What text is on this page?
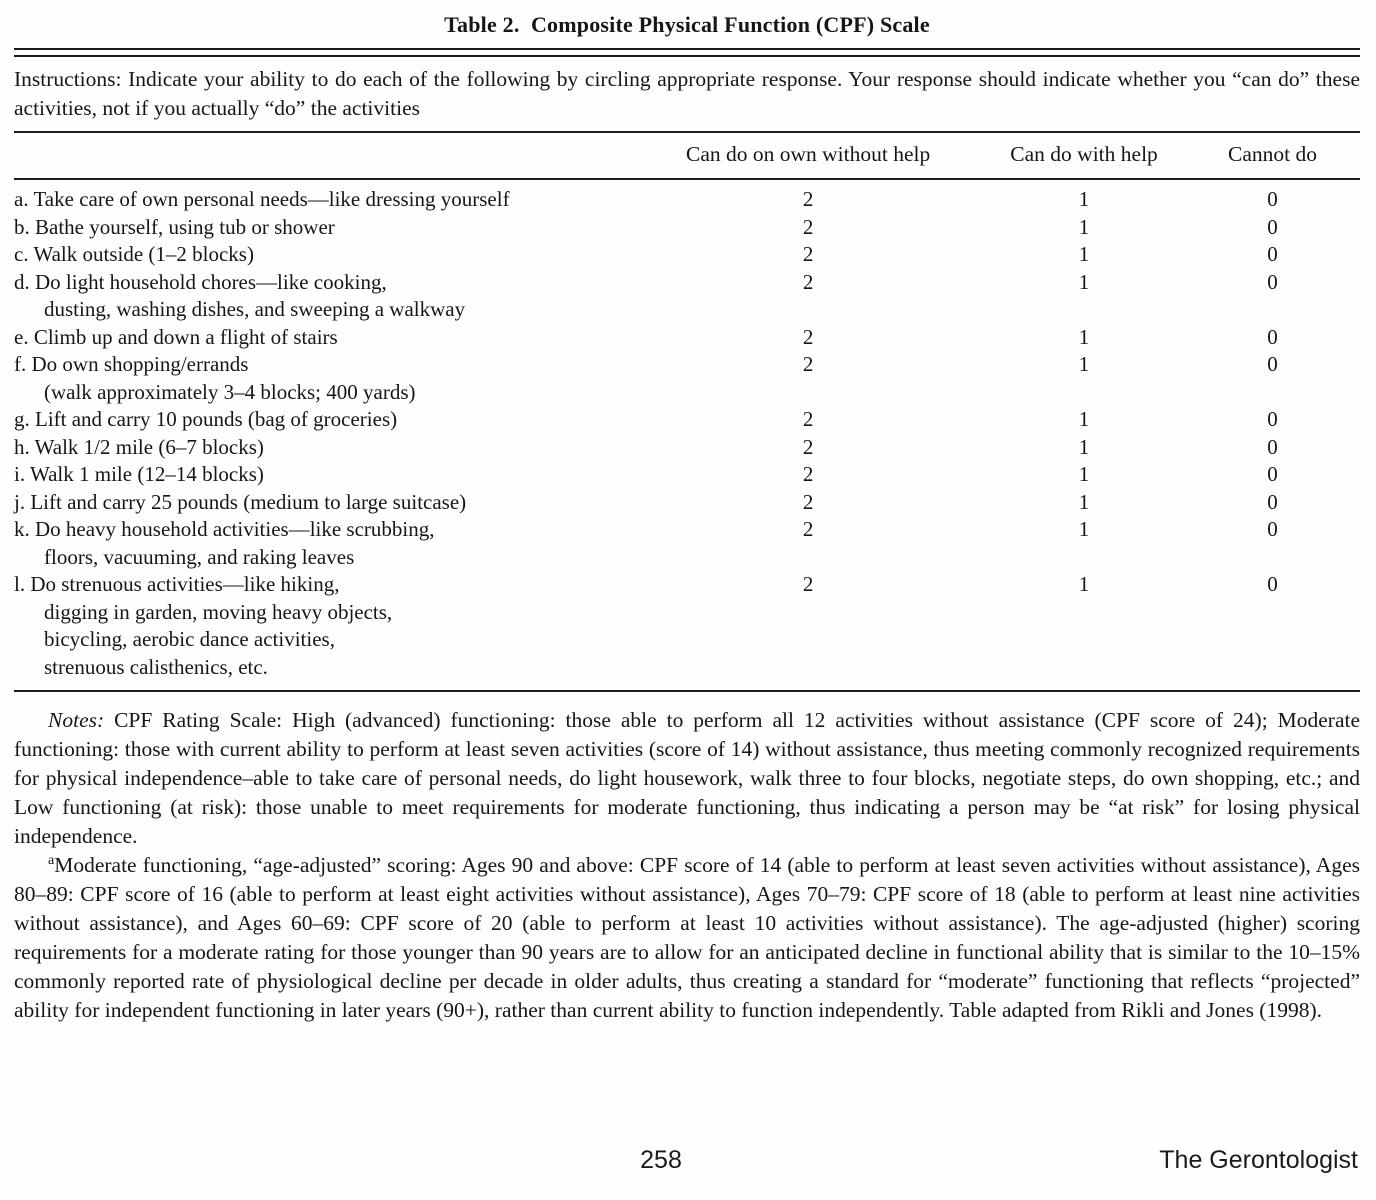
Table 2.  Composite Physical Function (CPF) Scale

Instructions: Indicate your ability to do each of the following by circling appropriate response. Your response should indicate whether you “can do” these activities, not if you actually “do” the activities

	Can do on own without help	Can do with help	Cannot do
a. Take care of own personal needs—like dressing yourself	2	1	0
b. Bathe yourself, using tub or shower	2	1	0
c. Walk outside (1–2 blocks)	2	1	0
d. Do light household chores—like cooking,	2	1	0
dusting, washing dishes, and sweeping a walkway			
e. Climb up and down a flight of stairs	2	1	0
f. Do own shopping/errands	2	1	0
(walk approximately 3–4 blocks; 400 yards)			
g. Lift and carry 10 pounds (bag of groceries)	2	1	0
h. Walk 1/2 mile (6–7 blocks)	2	1	0
i. Walk 1 mile (12–14 blocks)	2	1	0
j. Lift and carry 25 pounds (medium to large suitcase)	2	1	0
k. Do heavy household activities—like scrubbing,	2	1	0
floors, vacuuming, and raking leaves			
l. Do strenuous activities—like hiking,	2	1	0
digging in garden, moving heavy objects,			
bicycling, aerobic dance activities,			
strenuous calisthenics, etc.			

Notes: CPF Rating Scale: High (advanced) functioning: those able to perform all 12 activities without assistance (CPF score of 24); Moderate functioning: those with current ability to perform at least seven activities (score of 14) without assistance, thus meeting commonly recognized requirements for physical independence–able to take care of personal needs, do light housework, walk three to four blocks, negotiate steps, do own shopping, etc.; and Low functioning (at risk): those unable to meet requirements for moderate functioning, thus indicating a person may be “at risk” for losing physical independence.

$^a$Moderate functioning, “age-adjusted” scoring: Ages 90 and above: CPF score of 14 (able to perform at least seven activities without assistance), Ages 80–89: CPF score of 16 (able to perform at least eight activities without assistance), Ages 70–79: CPF score of 18 (able to perform at least nine activities without assistance), and Ages 60–69: CPF score of 20 (able to perform at least 10 activities without assistance). The age-adjusted (higher) scoring requirements for a moderate rating for those younger than 90 years are to allow for an anticipated decline in functional ability that is similar to the 10–15% commonly reported rate of physiological decline per decade in older adults, thus creating a standard for “moderate” functioning that reflects “projected” ability for independent functioning in later years (90+), rather than current ability to function independently. Table adapted from Rikli and Jones (1998).

258	The Gerontologist
